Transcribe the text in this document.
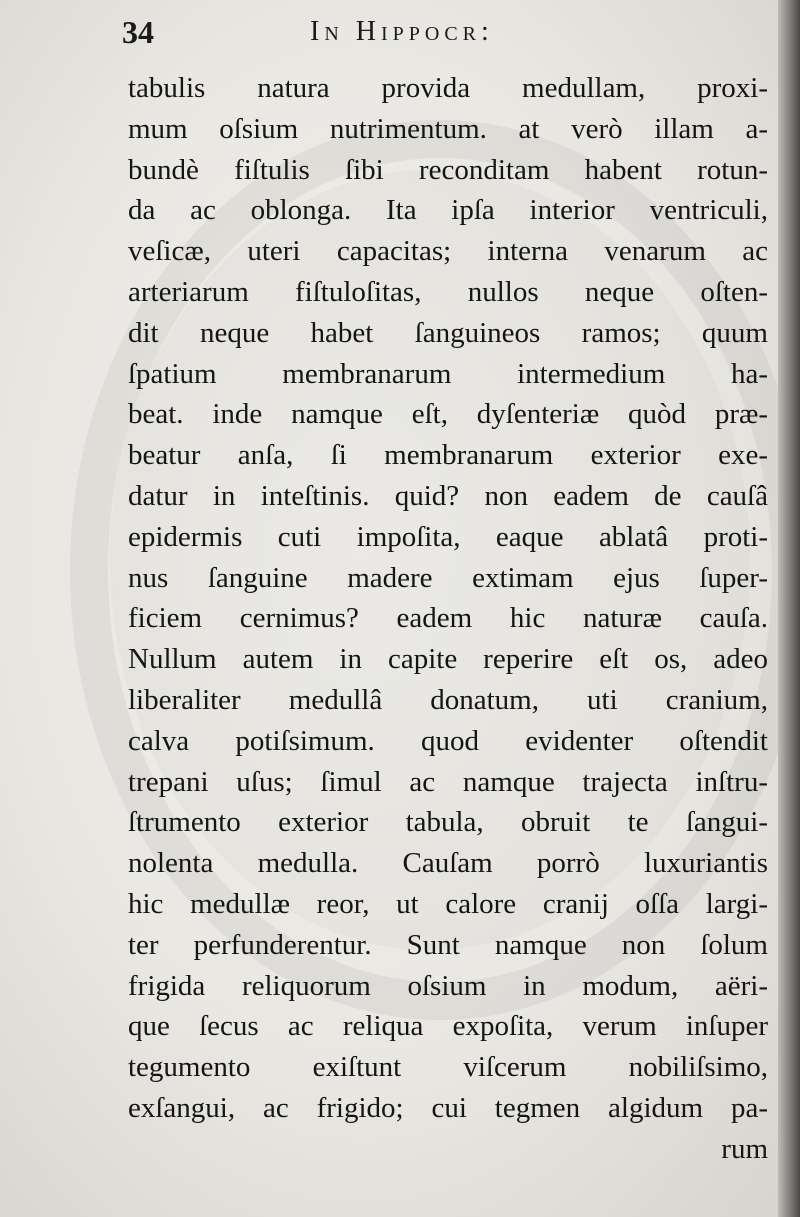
34	In Hippocr:
tabulis natura provida medullam, proxi-
mum oſsium nutrimentum. at verò illam a-
bundè fiſtulis ſibi reconditam habent rotun-
da ac oblonga. Ita ipſa interior ventriculi,
veſicæ, uteri capacitas; interna venarum ac
arteriarum fiſtuloſitas, nullos neque oſten-
dit neque habet ſanguineos ramos; quum
ſpatium membranarum intermedium ha-
beat. inde namque eſt, dyſenteriæ quòd præ-
beatur anſa, ſi membranarum exterior exe-
datur in inteſtinis. quid? non eadem de cauſâ
epidermis cuti impoſita, eaque ablatâ proti-
nus ſanguine madere extimam ejus ſuper-
ficiem cernimus? eadem hic naturæ cauſa.
Nullum autem in capite reperire eſt os, adeo
liberaliter medullâ donatum, uti cranium,
calva potiſsimum. quod evidenter oſtendit
trepani uſus; ſimul ac namque trajecta inſtru-
ſtrumento exterior tabula, obruit te ſangui-
nolenta medulla. Cauſam porrò luxuriantis
hic medullæ reor, ut calore cranij oſſa largi-
ter perfunderentur. Sunt namque non ſolum
frigida reliquorum oſsium in modum, aëri-
que ſecus ac reliqua expoſita, verum inſuper
tegumento exiſtunt viſcerum nobiliſsimo,
exſangui, ac frigido; cui tegmen algidum pa-
rum
